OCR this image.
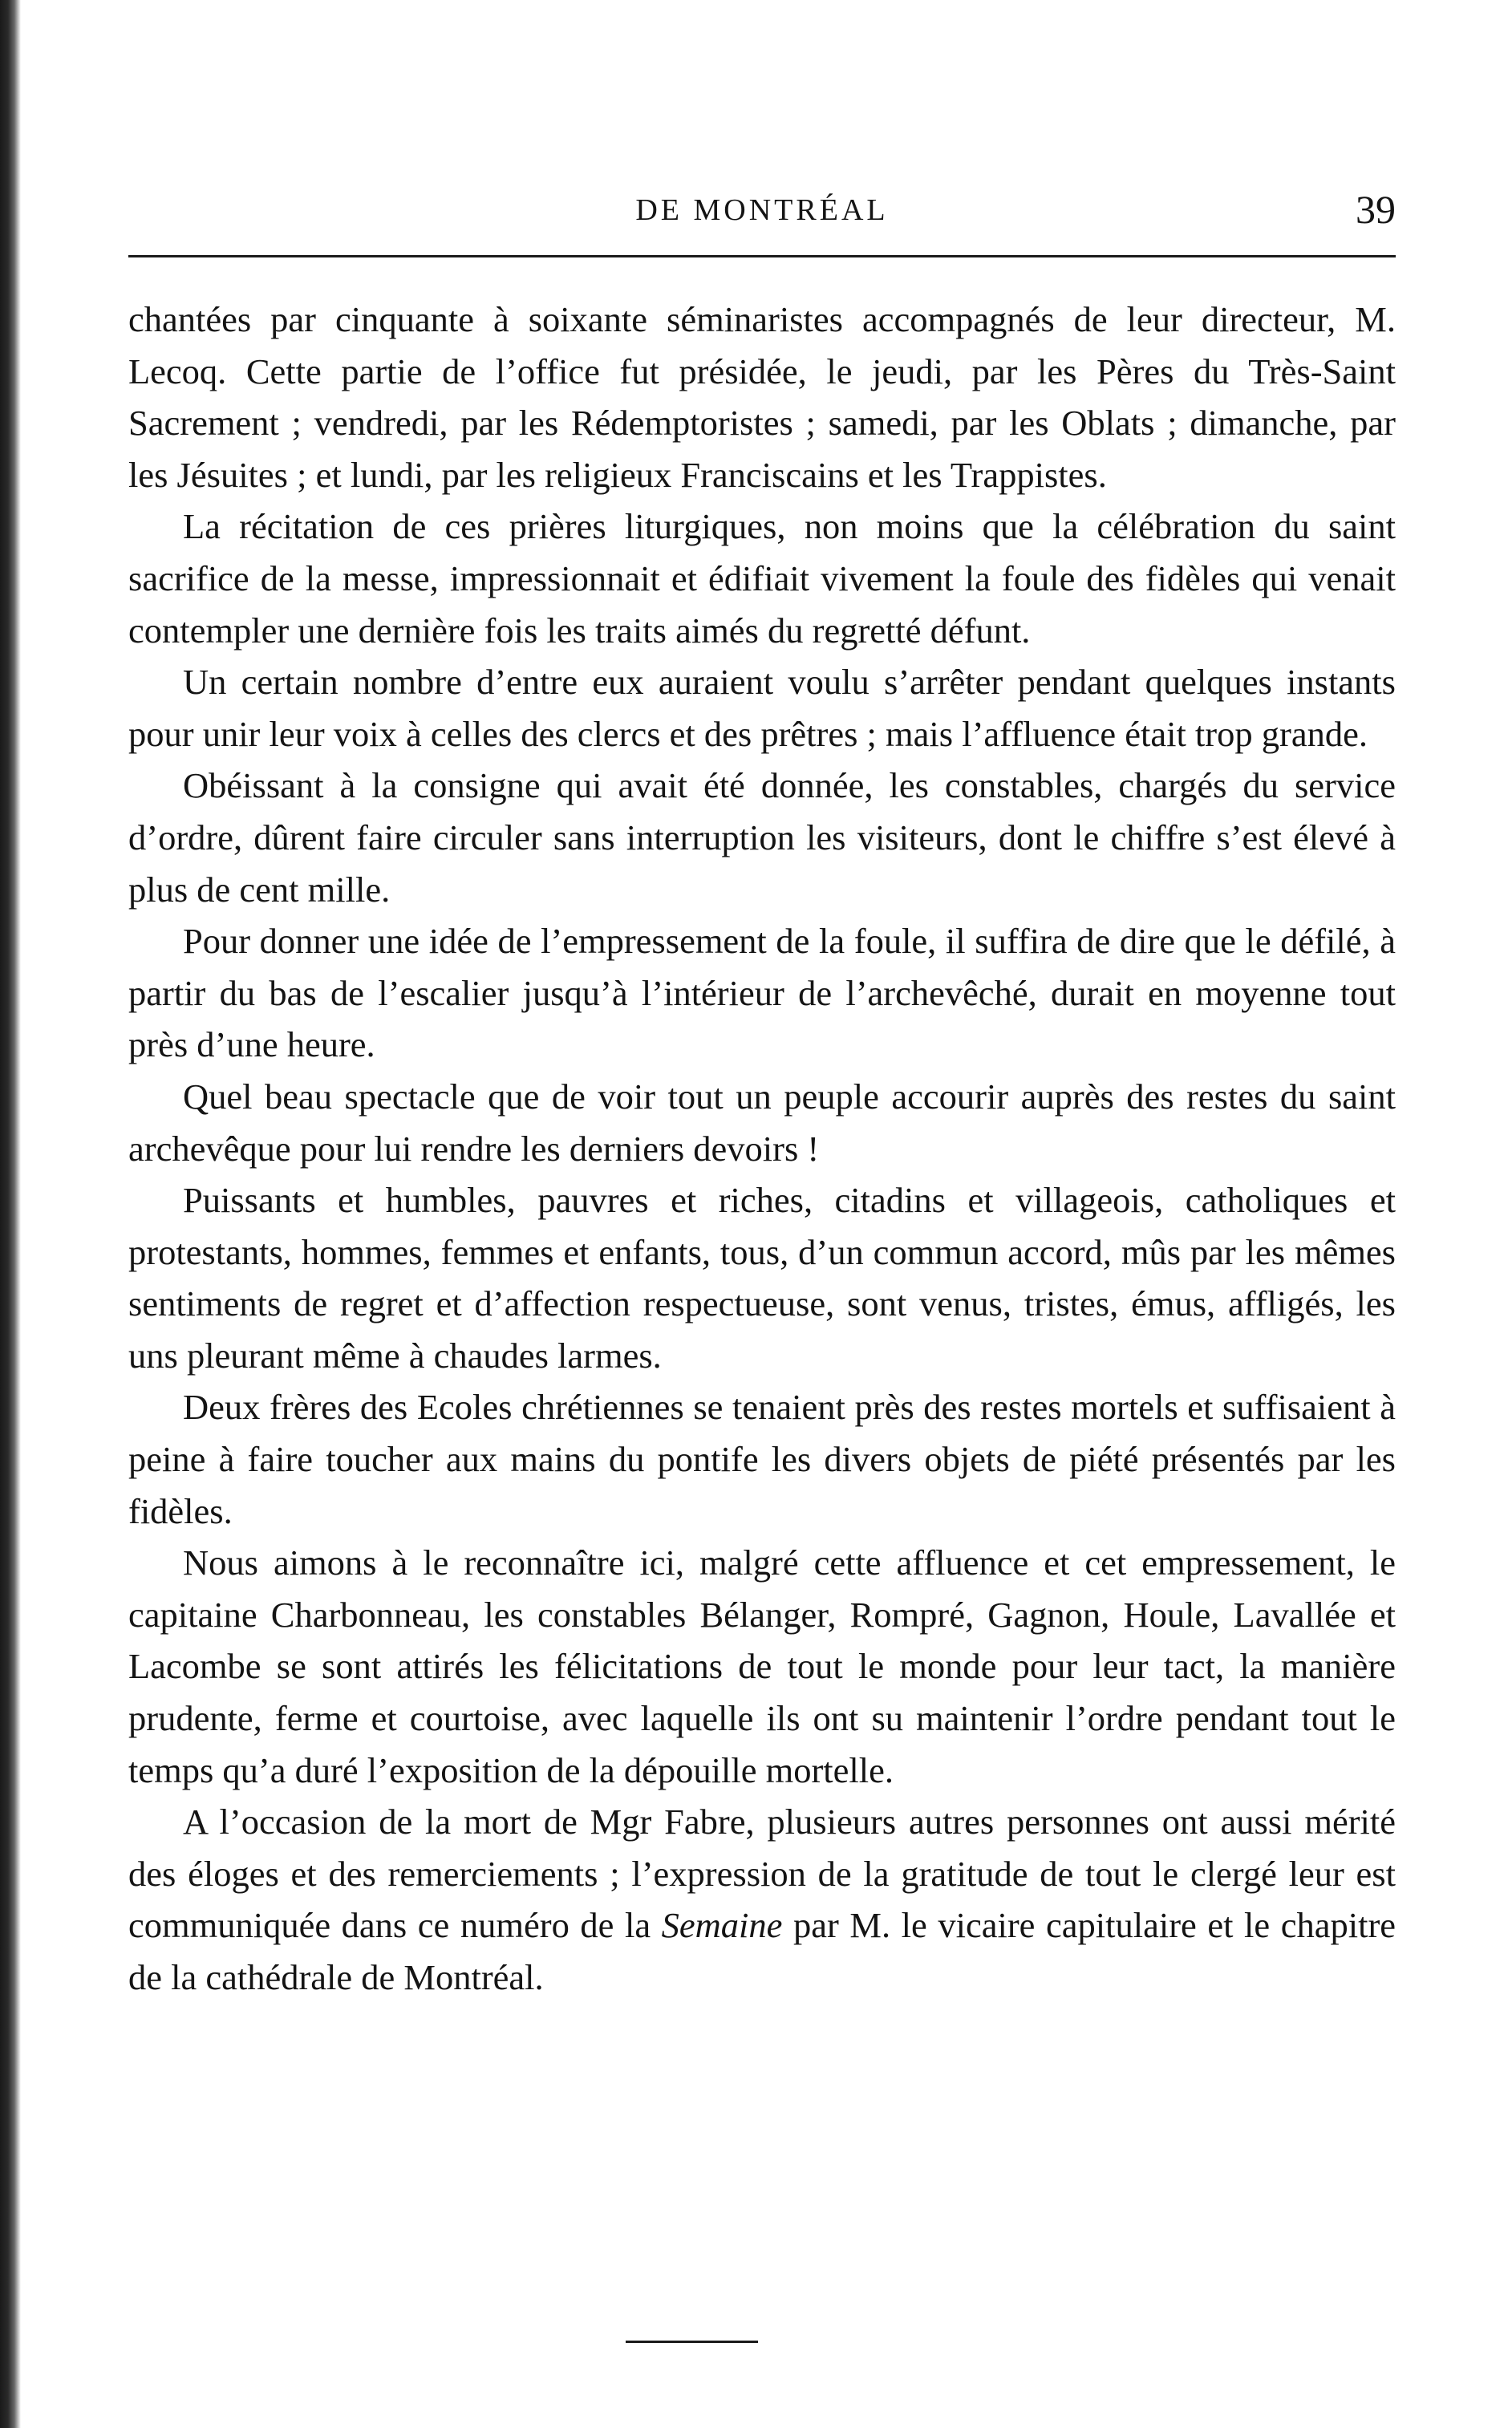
DE MONTRÉAL	39

chantées par cinquante à soixante séminaristes accompagnés de leur directeur, M. Lecoq. Cette partie de l’office fut présidée, le jeudi, par les Pères du Très-Saint Sacrement ; vendredi, par les Rédemptoristes ; samedi, par les Oblats ; dimanche, par les Jésuites ; et lundi, par les religieux Franciscains et les Trappistes.

La récitation de ces prières liturgiques, non moins que la célébration du saint sacrifice de la messe, impressionnait et édifiait vivement la foule des fidèles qui venait contempler une dernière fois les traits aimés du regretté défunt.

Un certain nombre d’entre eux auraient voulu s’arrêter pendant quelques instants pour unir leur voix à celles des clercs et des prêtres ; mais l’affluence était trop grande.

Obéissant à la consigne qui avait été donnée, les constables, chargés du service d’ordre, dûrent faire circuler sans interruption les visiteurs, dont le chiffre s’est élevé à plus de cent mille.

Pour donner une idée de l’empressement de la foule, il suffira de dire que le défilé, à partir du bas de l’escalier jusqu’à l’intérieur de l’archevêché, durait en moyenne tout près d’une heure.

Quel beau spectacle que de voir tout un peuple accourir auprès des restes du saint archevêque pour lui rendre les derniers devoirs !

Puissants et humbles, pauvres et riches, citadins et villageois, catholiques et protestants, hommes, femmes et enfants, tous, d’un commun accord, mûs par les mêmes sentiments de regret et d’affection respectueuse, sont venus, tristes, émus, affligés, les uns pleurant même à chaudes larmes.

Deux frères des Ecoles chrétiennes se tenaient près des restes mortels et suffisaient à peine à faire toucher aux mains du pontife les divers objets de piété présentés par les fidèles.

Nous aimons à le reconnaître ici, malgré cette affluence et cet empressement, le capitaine Charbonneau, les constables Bélanger, Rompré, Gagnon, Houle, Lavallée et Lacombe se sont attirés les félicitations de tout le monde pour leur tact, la manière prudente, ferme et courtoise, avec laquelle ils ont su maintenir l’ordre pendant tout le temps qu’a duré l’exposition de la dépouille mortelle.

A l’occasion de la mort de Mgr Fabre, plusieurs autres personnes ont aussi mérité des éloges et des remerciements ; l’expression de la gratitude de tout le clergé leur est communiquée dans ce numéro de la Semaine par M. le vicaire capitulaire et le chapitre de la cathédrale de Montréal.
